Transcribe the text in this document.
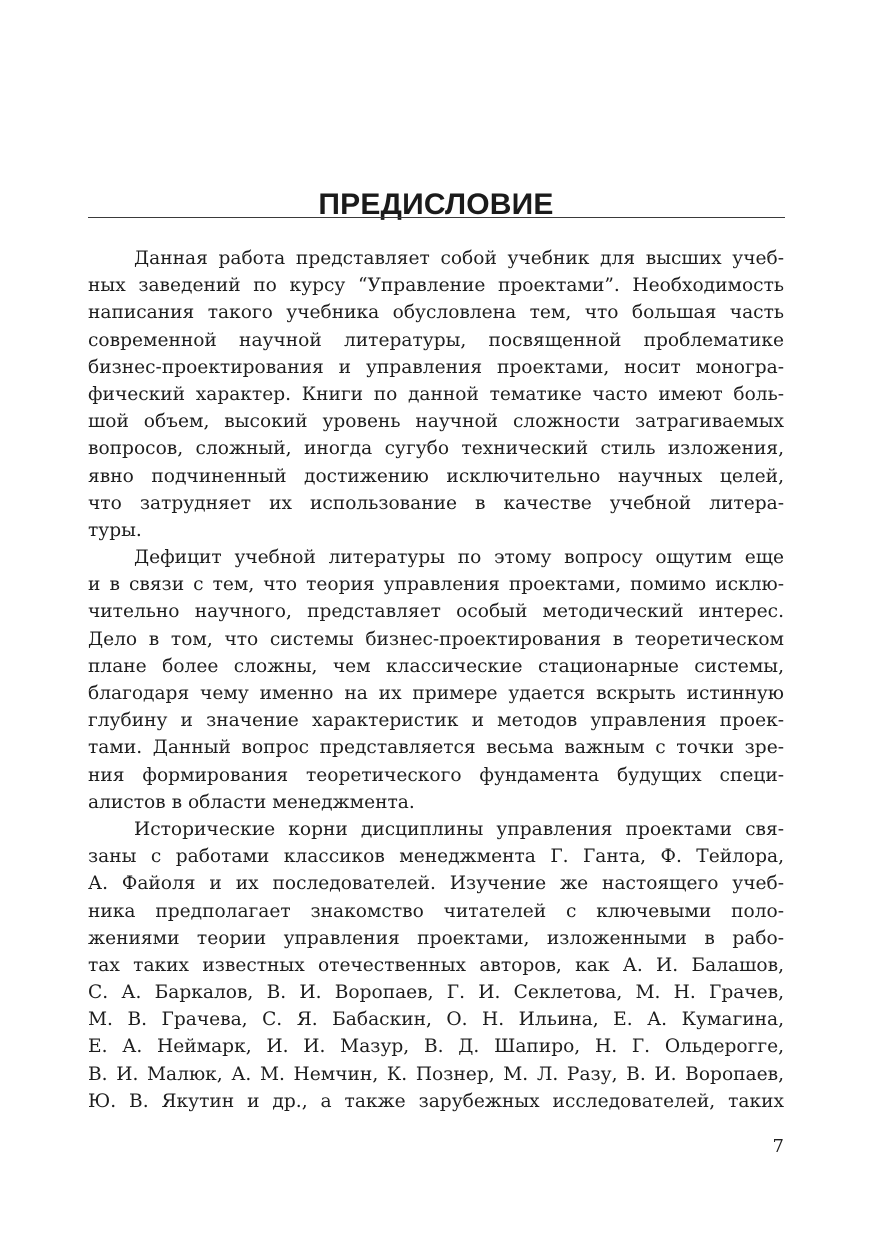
ПРЕДИСЛОВИЕ
Данная работа представляет собой учебник для высших учеб-
ных заведений по курсу “Управление проектами”. Необходимость
написания такого учебника обусловлена тем, что большая часть
современной научной литературы, посвященной проблематике
бизнес-проектирования и управления проектами, носит моногра-
фический характер. Книги по данной тематике часто имеют боль-
шой объем, высокий уровень научной сложности затрагиваемых
вопросов, сложный, иногда сугубо технический стиль изложения,
явно подчиненный достижению исключительно научных целей,
что затрудняет их использование в качестве учебной литера-
туры.
Дефицит учебной литературы по этому вопросу ощутим еще
и в связи с тем, что теория управления проектами, помимо исклю-
чительно научного, представляет особый методический интерес.
Дело в том, что системы бизнес-проектирования в теоретическом
плане более сложны, чем классические стационарные системы,
благодаря чему именно на их примере удается вскрыть истинную
глубину и значение характеристик и методов управления проек-
тами. Данный вопрос представляется весьма важным с точки зре-
ния формирования теоретического фундамента будущих специ-
алистов в области менеджмента.
Исторические корни дисциплины управления проектами свя-
заны с работами классиков менеджмента Г. Ганта, Ф. Тейлора,
А. Файоля и их последователей. Изучение же настоящего учеб-
ника предполагает знакомство читателей с ключевыми поло-
жениями теории управления проектами, изложенными в рабо-
тах таких известных отечественных авторов, как А. И. Балашов,
С. А. Баркалов, В. И. Воропаев, Г. И. Секлетова, М. Н. Грачев,
М. В. Грачева, С. Я. Бабаскин, О. Н. Ильина, Е. А. Кумагина,
Е. А. Неймарк, И. И. Мазур, В. Д. Шапиро, Н. Г. Ольдерогге,
В. И. Малюк, А. М. Немчин, К. Познер, М. Л. Разу, В. И. Воропаев,
Ю. В. Якутин и др., а также зарубежных исследователей, таких
7
